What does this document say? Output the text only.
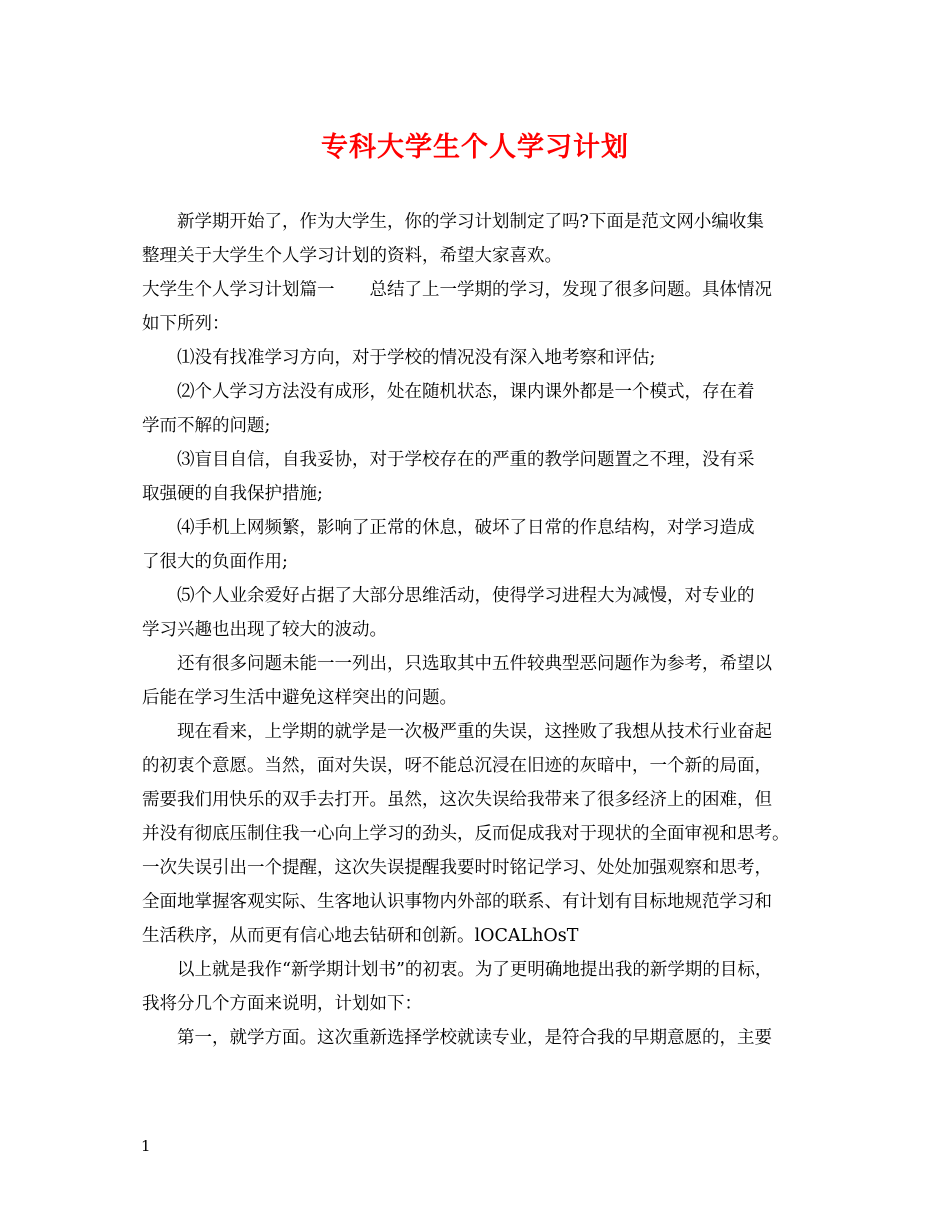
专科大学生个人学习计划
新学期开始了，作为大学生，你的学习计划制定了吗?下面是范文网小编收集
整理关于大学生个人学习计划的资料，希望大家喜欢。
大学生个人学习计划篇一　　总结了上一学期的学习，发现了很多问题。具体情况
如下所列：
⑴没有找准学习方向，对于学校的情况没有深入地考察和评估;
⑵个人学习方法没有成形，处在随机状态，课内课外都是一个模式，存在着
学而不解的问题;
⑶盲目自信，自我妥协，对于学校存在的严重的教学问题置之不理，没有采
取强硬的自我保护措施;
⑷手机上网频繁，影响了正常的休息，破坏了日常的作息结构，对学习造成
了很大的负面作用;
⑸个人业余爱好占据了大部分思维活动，使得学习进程大为减慢，对专业的
学习兴趣也出现了较大的波动。
还有很多问题未能一一列出，只选取其中五件较典型恶问题作为参考，希望以
后能在学习生活中避免这样突出的问题。
现在看来，上学期的就学是一次极严重的失误，这挫败了我想从技术行业奋起
的初衷个意愿。当然，面对失误，呀不能总沉浸在旧迹的灰暗中，一个新的局面，
需要我们用快乐的双手去打开。虽然，这次失误给我带来了很多经济上的困难，但
并没有彻底压制住我一心向上学习的劲头，反而促成我对于现状的全面审视和思考。
一次失误引出一个提醒，这次失误提醒我要时时铭记学习、处处加强观察和思考，
全面地掌握客观实际、生客地认识事物内外部的联系、有计划有目标地规范学习和
生活秩序，从而更有信心地去钻研和创新。lOCALhOsT
以上就是我作“新学期计划书”的初衷。为了更明确地提出我的新学期的目标，
我将分几个方面来说明，计划如下：
第一，就学方面。这次重新选择学校就读专业，是符合我的早期意愿的，主要
1
